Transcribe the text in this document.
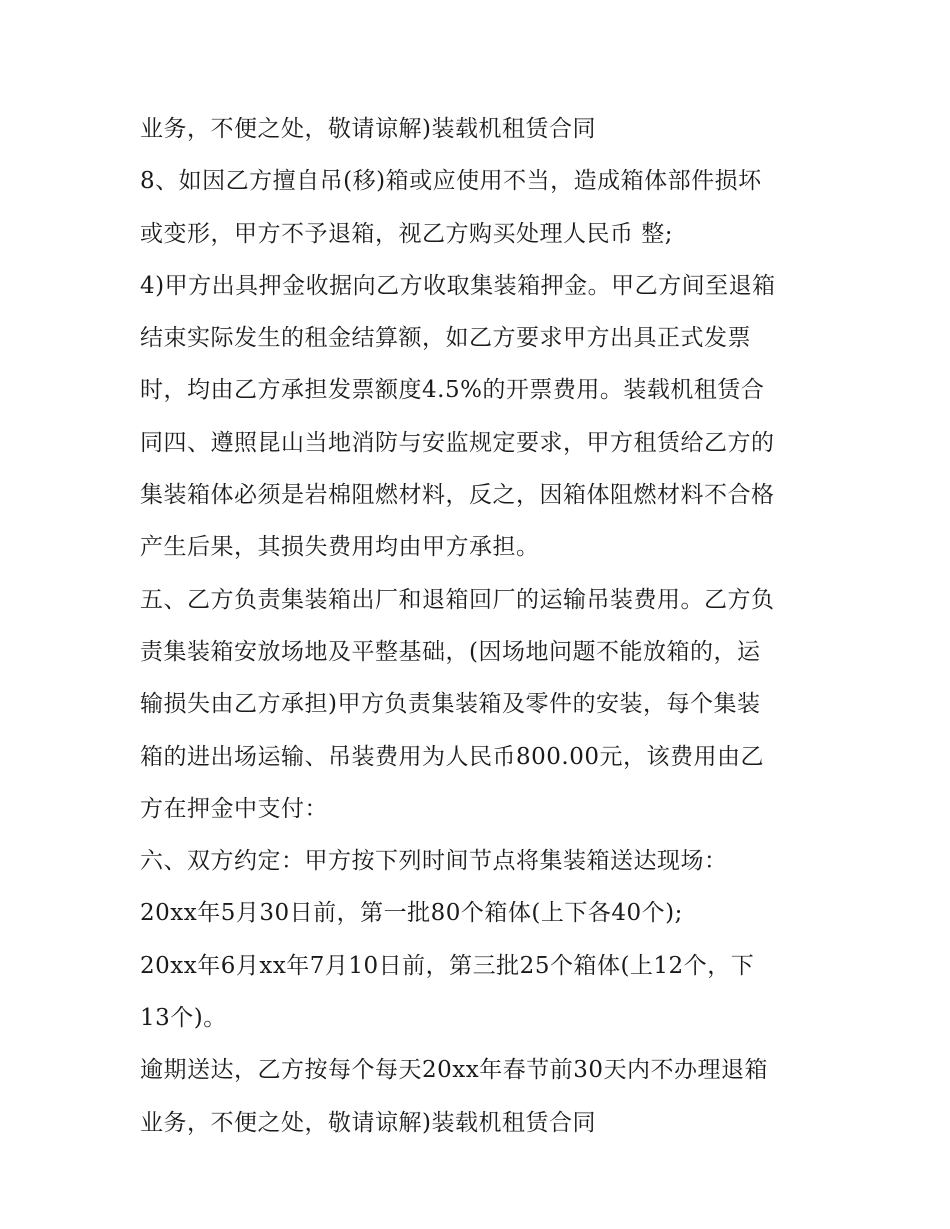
业务，不便之处，敬请谅解)装载机租赁合同
8、如因乙方擅自吊(移)箱或应使用不当，造成箱体部件损坏
或变形，甲方不予退箱，视乙方购买处理人民币 整;
4)甲方出具押金收据向乙方收取集装箱押金。甲乙方间至退箱
结束实际发生的租金结算额，如乙方要求甲方出具正式发票
时，均由乙方承担发票额度4.5%的开票费用。装载机租赁合
同四、遵照昆山当地消防与安监规定要求，甲方租赁给乙方的
集装箱体必须是岩棉阻燃材料，反之，因箱体阻燃材料不合格
产生后果，其损失费用均由甲方承担。
五、乙方负责集装箱出厂和退箱回厂的运输吊装费用。乙方负
责集装箱安放场地及平整基础，(因场地问题不能放箱的，运
输损失由乙方承担)甲方负责集装箱及零件的安装，每个集装
箱的进出场运输、吊装费用为人民币800.00元，该费用由乙
方在押金中支付：
六、双方约定：甲方按下列时间节点将集装箱送达现场：
20xx年5月30日前，第一批80个箱体(上下各40个);
20xx年6月xx年7月10日前，第三批25个箱体(上12个，下
13个)。
逾期送达，乙方按每个每天20xx年春节前30天内不办理退箱
业务，不便之处，敬请谅解)装载机租赁合同
